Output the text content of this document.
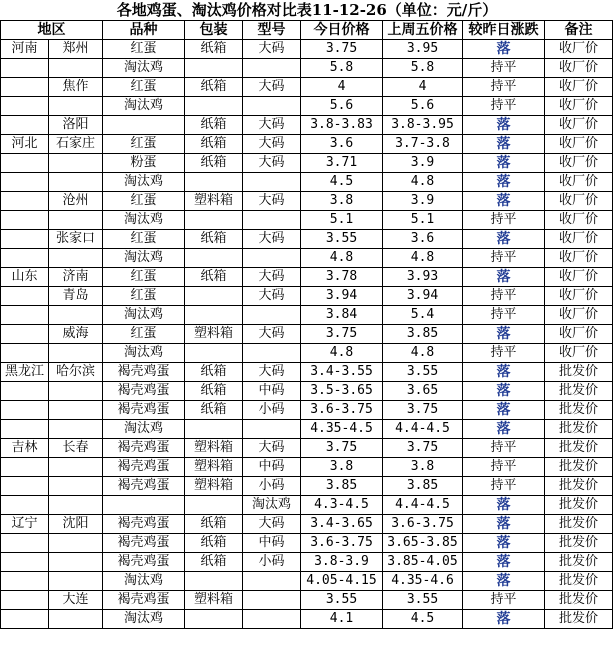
各地鸡蛋、淘汰鸡价格对比表11-12-26（单位：元/斤）
地区		品种	包装	型号	今日价格	上周五价格	较昨日涨跌	备注
河南	郑州	红蛋	纸箱	大码	3.75	3.95	落	收厂价
		淘汰鸡			5.8	5.8	持平	收厂价
	焦作	红蛋	纸箱	大码	4	4	持平	收厂价
		淘汰鸡			5.6	5.6	持平	收厂价
	洛阳		纸箱	大码	3.8-3.83	3.8-3.95	落	收厂价
河北	石家庄	红蛋	纸箱	大码	3.6	3.7-3.8	落	收厂价
		粉蛋	纸箱	大码	3.71	3.9	落	收厂价
		淘汰鸡			4.5	4.8	落	收厂价
	沧州	红蛋	塑料箱	大码	3.8	3.9	落	收厂价
		淘汰鸡			5.1	5.1	持平	收厂价
	张家口	红蛋	纸箱	大码	3.55	3.6	落	收厂价
		淘汰鸡			4.8	4.8	持平	收厂价
山东	济南	红蛋	纸箱	大码	3.78	3.93	落	收厂价
	青岛	红蛋		大码	3.94	3.94	持平	收厂价
		淘汰鸡			3.84	5.4	持平	收厂价
	威海	红蛋	塑料箱	大码	3.75	3.85	落	收厂价
		淘汰鸡			4.8	4.8	持平	收厂价
黑龙江	哈尔滨	褐壳鸡蛋	纸箱	大码	3.4-3.55	3.55	落	批发价
		褐壳鸡蛋	纸箱	中码	3.5-3.65	3.65	落	批发价
		褐壳鸡蛋	纸箱	小码	3.6-3.75	3.75	落	批发价
		淘汰鸡			4.35-4.5	4.4-4.5	落	批发价
吉林	长春	褐壳鸡蛋	塑料箱	大码	3.75	3.75	持平	批发价
		褐壳鸡蛋	塑料箱	中码	3.8	3.8	持平	批发价
		褐壳鸡蛋	塑料箱	小码	3.85	3.85	持平	批发价
				淘汰鸡	4.3-4.5	4.4-4.5	落	批发价
辽宁	沈阳	褐壳鸡蛋	纸箱	大码	3.4-3.65	3.6-3.75	落	批发价
		褐壳鸡蛋	纸箱	中码	3.6-3.75	3.65-3.85	落	批发价
		褐壳鸡蛋	纸箱	小码	3.8-3.9	3.85-4.05	落	批发价
		淘汰鸡			4.05-4.15	4.35-4.6	落	批发价
	大连	褐壳鸡蛋	塑料箱		3.55	3.55	持平	批发价
		淘汰鸡			4.1	4.5	落	批发价
